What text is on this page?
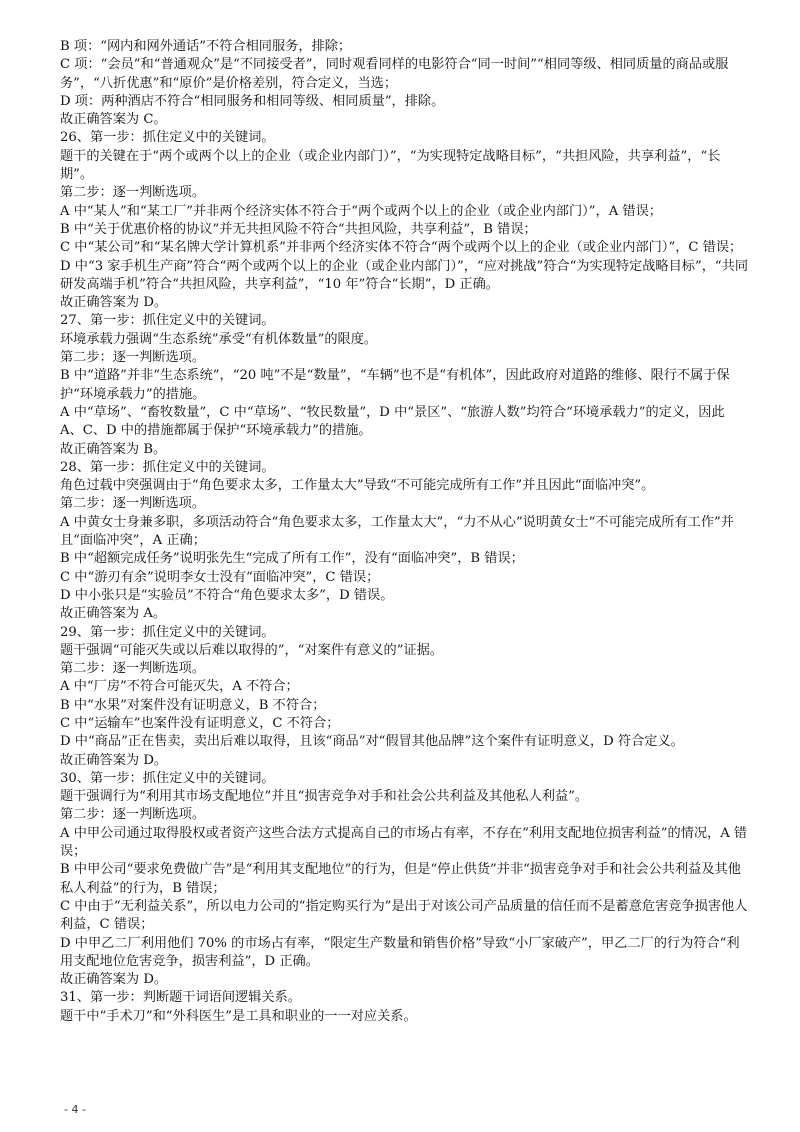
B 项：“网内和网外通话”不符合相同服务，排除；

C 项：“会员”和“普通观众”是“不同接受者”，同时观看同样的电影符合“同一时间”“相同等级、相同质量的商品或服务”，“八折优惠”和“原价”是价格差别，符合定义，当选；

D 项：两种酒店不符合“相同服务和相同等级、相同质量”，排除。

故正确答案为 C。

26、第一步：抓住定义中的关键词。

题干的关键在于“两个或两个以上的企业（或企业内部门）”，“为实现特定战略目标”，“共担风险，共享利益”，“长期”。

第二步：逐一判断选项。

A 中“某人”和“某工厂”并非两个经济实体不符合于“两个或两个以上的企业（或企业内部门）”，A 错误；

B 中“关于优惠价格的协议”并无共担风险不符合“共担风险，共享利益”，B 错误；

C 中“某公司”和“某名牌大学计算机系”并非两个经济实体不符合“两个或两个以上的企业（或企业内部门）”，C 错误；

D 中“3 家手机生产商”符合“两个或两个以上的企业（或企业内部门）”，“应对挑战”符合“为实现特定战略目标”，“共同研发高端手机”符合“共担风险，共享利益”，“10 年”符合“长期”，D 正确。

故正确答案为 D。

27、第一步：抓住定义中的关键词。

环境承载力强调“生态系统”承受“有机体数量”的限度。

第二步：逐一判断选项。

B 中“道路”并非“生态系统”，“20 吨”不是“数量”，“车辆”也不是“有机体”，因此政府对道路的维修、限行不属于保护“环境承载力”的措施。

A 中“草场”、“畜牧数量”，C 中“草场”、“牧民数量”，D 中“景区”、“旅游人数”均符合“环境承载力”的定义，因此 A、C、D 中的措施都属于保护“环境承载力”的措施。

故正确答案为 B。

28、第一步：抓住定义中的关键词。

角色过载中突强调由于“角色要求太多，工作量太大”导致“不可能完成所有工作”并且因此“面临冲突”。

第二步：逐一判断选项。

A 中黄女士身兼多职，多项活动符合“角色要求太多，工作量太大”，“力不从心”说明黄女士“不可能完成所有工作”并且“面临冲突”，A 正确；

B 中“超额完成任务”说明张先生“完成了所有工作”，没有“面临冲突”，B 错误；

C 中“游刃有余”说明李女士没有“面临冲突”，C 错误；

D 中小张只是“实验员”不符合“角色要求太多”，D 错误。

故正确答案为 A。

29、第一步：抓住定义中的关键词。

题干强调“可能灭失或以后难以取得的”，“对案件有意义的”证据。

第二步：逐一判断选项。

A 中“厂房”不符合可能灭失，A 不符合；

B 中“水果”对案件没有证明意义，B 不符合；

C 中“运输车”也案件没有证明意义，C 不符合；

D 中“商品”正在售卖，卖出后难以取得，且该“商品”对“假冒其他品牌”这个案件有证明意义，D 符合定义。

故正确答案为 D。

30、第一步：抓住定义中的关键词。

题干强调行为“利用其市场支配地位”并且“损害竞争对手和社会公共利益及其他私人利益”。

第二步：逐一判断选项。

A 中甲公司通过取得股权或者资产这些合法方式提高自己的市场占有率，不存在“利用支配地位损害利益”的情况，A 错误；

B 中甲公司“要求免费做广告”是“利用其支配地位”的行为，但是“停止供货”并非“损害竞争对手和社会公共利益及其他私人利益”的行为，B 错误；

C 中由于“无利益关系”，所以电力公司的“指定购买行为”是出于对该公司产品质量的信任而不是蓄意危害竞争损害他人利益，C 错误；

D 中甲乙二厂利用他们 70% 的市场占有率，“限定生产数量和销售价格”导致“小厂家破产”，甲乙二厂的行为符合“利用支配地位危害竞争，损害利益”，D 正确。

故正确答案为 D。

31、第一步：判断题干词语间逻辑关系。

题干中“手术刀”和“外科医生”是工具和职业的一一对应关系。

- 4 -
